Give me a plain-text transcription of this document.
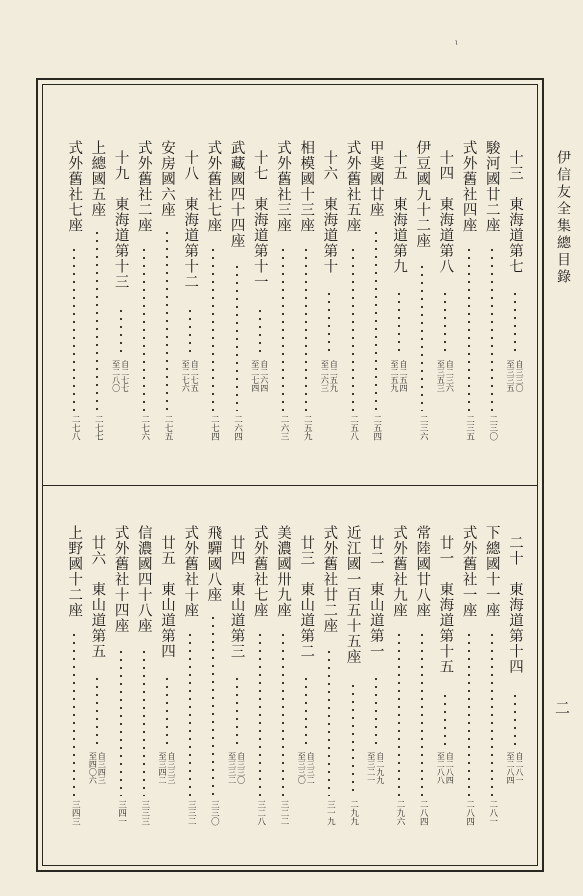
ɩ
伊信友全集總目錄
二
十三　東海道第七
自三三〇
至三三五
駿河國廿二座
二三〇
式外舊社四座
二三五
十四　東海道第八
自二三六
至三五三
伊豆國九十二座
二三六
十五　東海道第九
自二五四
至二五九
甲斐國廿座
二五四
式外舊社五座
二五八
十六　東海道第十
自二五九
至二六三
相模國十三座
二五九
式外舊社三座
二六三
十七　東海道第十一
自二六四
至二七四
武藏國四十四座
二六四
式外舊社七座
二七四
十八　東海道第十二
自二七五
至二七六
安房國六座
二七五
式外舊社二座
二七六
十九　東海道第十三
自二七七
至二八〇
上總國五座
二七七
式外舊社七座
二七八
二十　東海道第十四
自二八一
至二八四
下總國十一座
二八一
式外舊社一座
二八四
廿一　東海道第十五
自二八四
至二八八
常陸國廿八座
二八四
式外舊社九座
二九六
廿二　東山道第一
自二九九
至三二一
近江國一百五十五座
二九九
式外舊社廿二座
三一九
廿三　東山道第二
自三三二
至三三〇
美濃國卅九座
三二二
式外舊社七座
三二八
廿四　東山道第三
自三三〇
至三三二
飛驒國八座
三三〇
式外舊社十座
三三二
廿五　東山道第四
自三三三
至三四二
信濃國四十八座
三三三
式外舊社十四座
三四一
廿六　東山道第五
自三四三
至四〇六
上野國十二座
三四三
